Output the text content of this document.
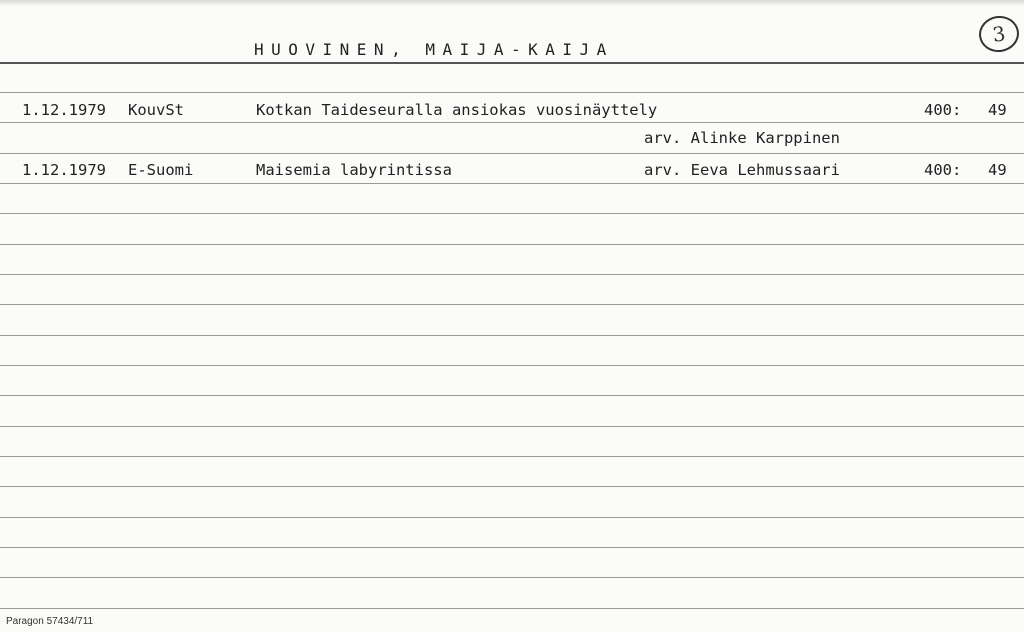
HUOVINEN, MAIJA-KAIJA
3
1.12.1979 KouvSt	Kotkan Taideseuralla ansiokas vuosinäyttely	400: 49
arv. Alinke Karppinen
1.12.1979 E-Suomi	Maisemia labyrintissa	arv. Eeva Lehmussaari	400: 49
Paragon 57434/711
